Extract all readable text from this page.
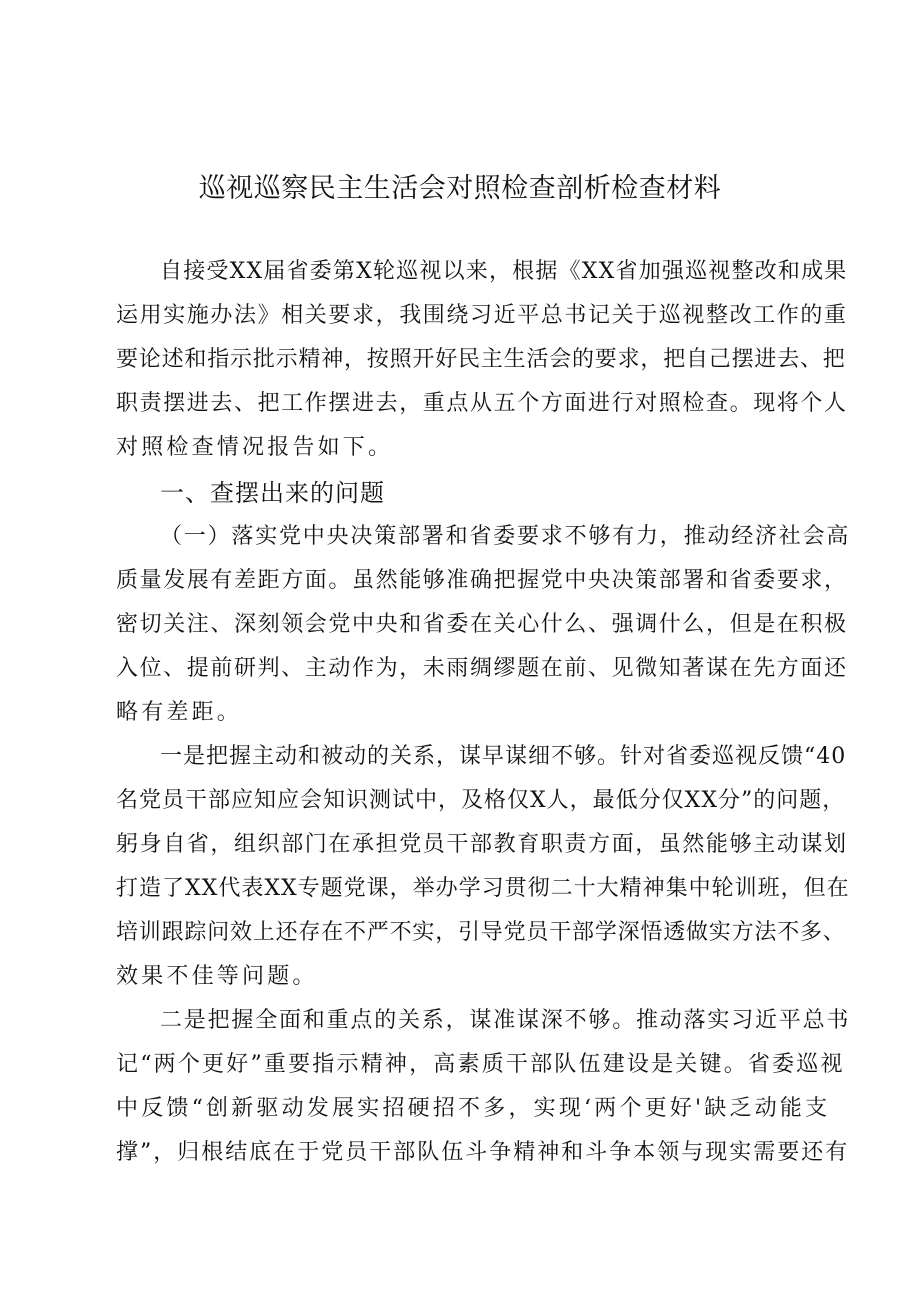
巡视巡察民主生活会对照检查剖析检查材料
自接受XX届省委第X轮巡视以来，根据《XX省加强巡视整改和成果
运用实施办法》相关要求，我围绕习近平总书记关于巡视整改工作的重
要论述和指示批示精神，按照开好民主生活会的要求，把自己摆进去、把
职责摆进去、把工作摆进去，重点从五个方面进行对照检查。现将个人
对照检查情况报告如下。
一、查摆出来的问题
（一）落实党中央决策部署和省委要求不够有力，推动经济社会高
质量发展有差距方面。虽然能够准确把握党中央决策部署和省委要求，
密切关注、深刻领会党中央和省委在关心什么、强调什么，但是在积极
入位、提前研判、主动作为，未雨绸缪题在前、见微知著谋在先方面还
略有差距。
一是把握主动和被动的关系，谋早谋细不够。针对省委巡视反馈“40
名党员干部应知应会知识测试中，及格仅X人，最低分仅XX分”的问题，
躬身自省，组织部门在承担党员干部教育职责方面，虽然能够主动谋划
打造了XX代表XX专题党课，举办学习贯彻二十大精神集中轮训班，但在
培训跟踪问效上还存在不严不实，引导党员干部学深悟透做实方法不多、
效果不佳等问题。
二是把握全面和重点的关系，谋准谋深不够。推动落实习近平总书
记“两个更好”重要指示精神，高素质干部队伍建设是关键。省委巡视
中反馈“创新驱动发展实招硬招不多，实现‘两个更好'缺乏动能支
撑”，归根结底在于党员干部队伍斗争精神和斗争本领与现实需要还有
